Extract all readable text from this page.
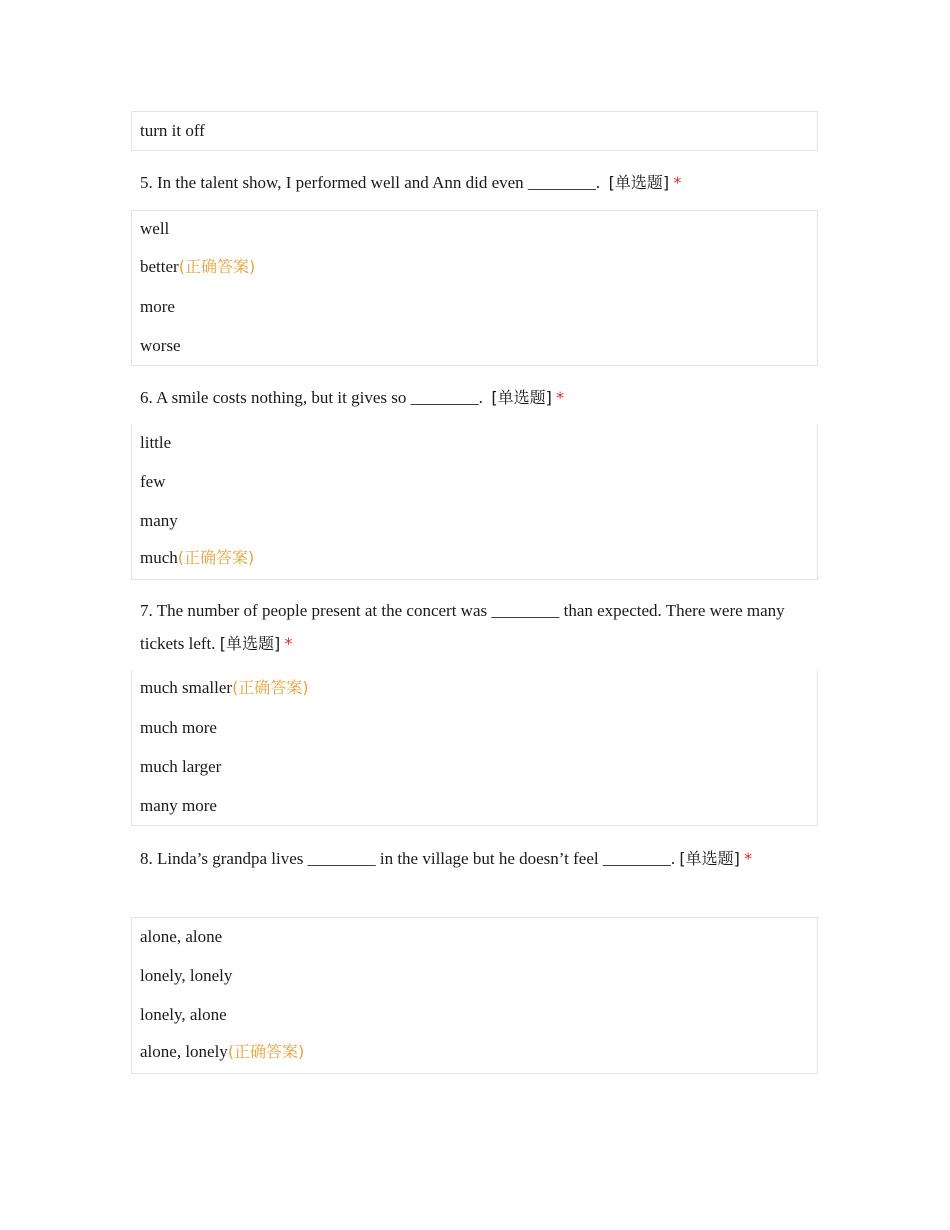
turn it off
5. In the talent show, I performed well and Ann did even ________. [单选题] *
well
better(正确答案)
more
worse
6. A smile costs nothing, but it gives so ________. [单选题] *
little
few
many
much(正确答案)
7. The number of people present at the concert was ________ than expected. There were many tickets left. [单选题] *
much smaller(正确答案)
much more
much larger
many more
8. Linda’s grandpa lives ________ in the village but he doesn’t feel ________. [单选题] *
alone, alone
lonely, lonely
lonely, alone
alone, lonely(正确答案)
